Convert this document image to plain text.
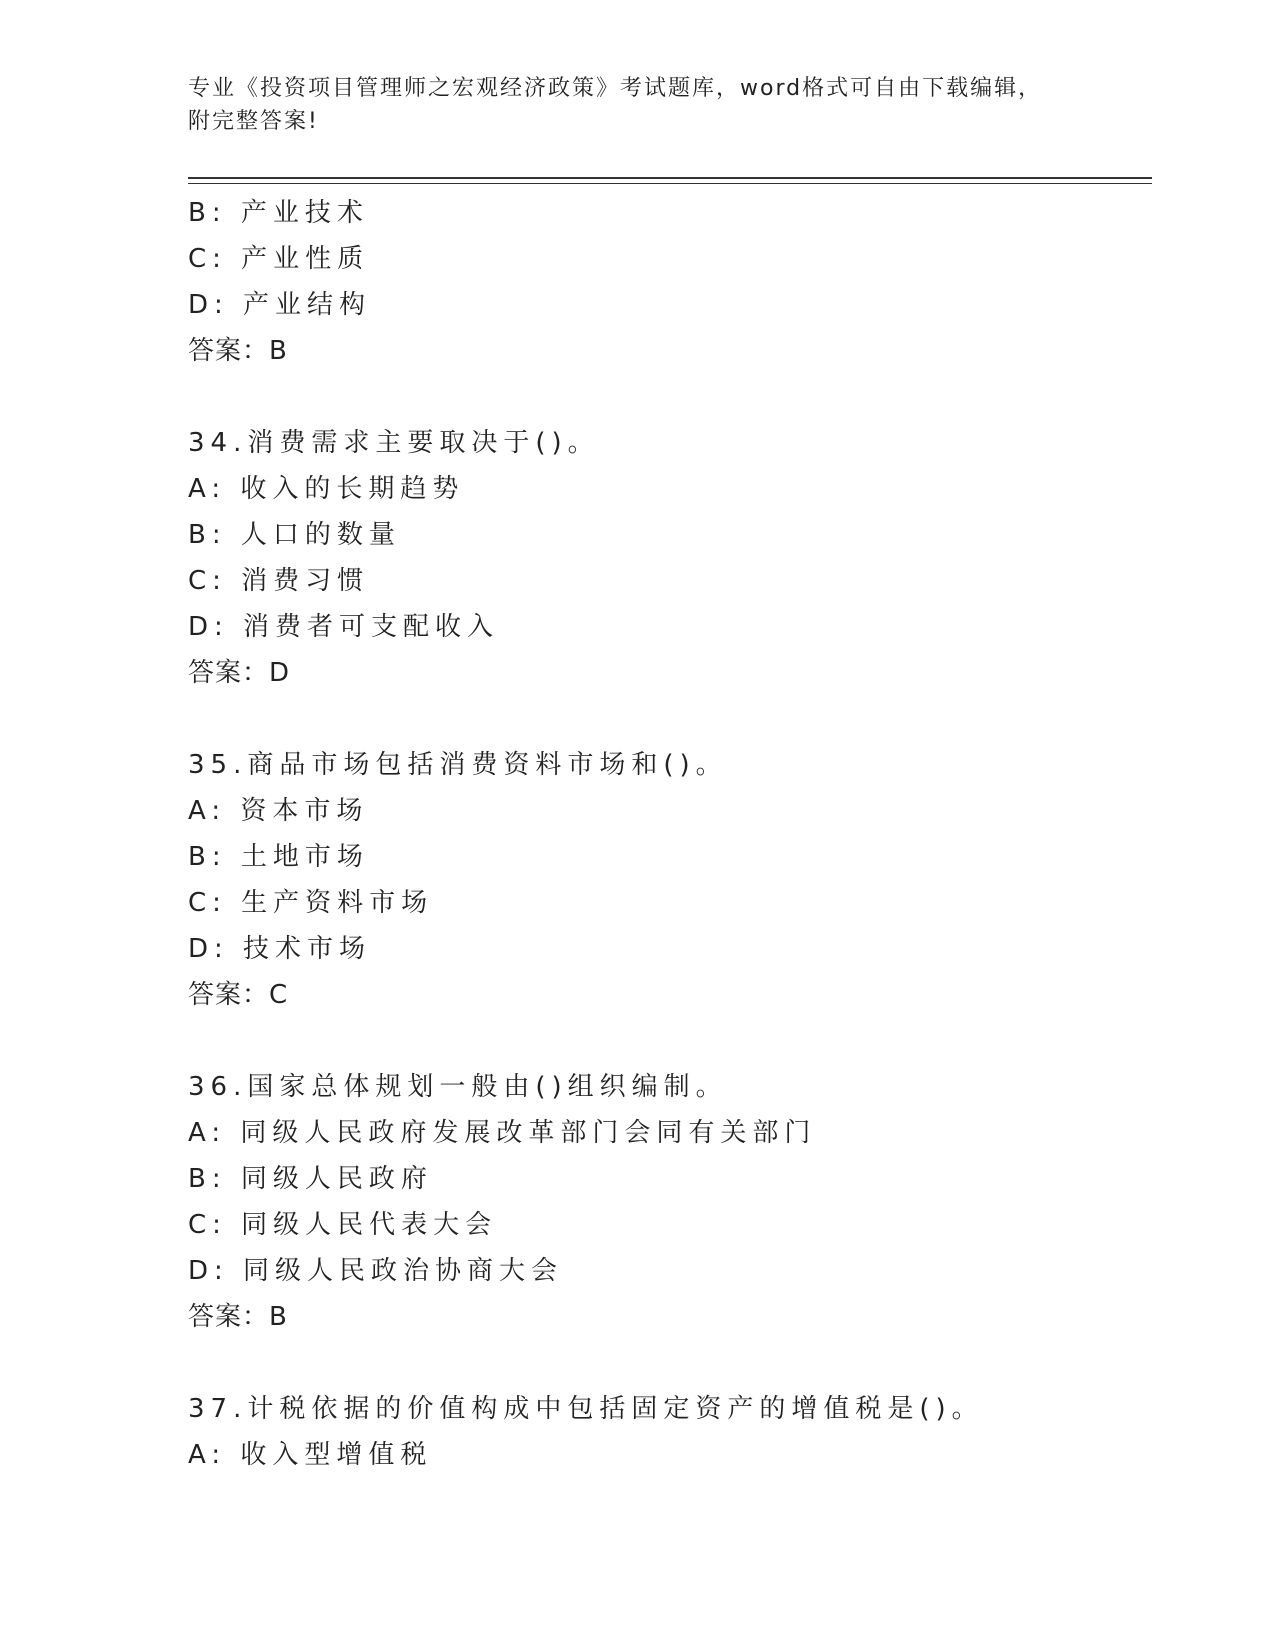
专业《投资项目管理师之宏观经济政策》考试题库，word格式可自由下载编辑，
附完整答案!
B: 产业技术
C: 产业性质
D: 产业结构
答案：B
34.消费需求主要取决于()。
A: 收入的长期趋势
B: 人口的数量
C: 消费习惯
D: 消费者可支配收入
答案：D
35.商品市场包括消费资料市场和()。
A: 资本市场
B: 土地市场
C: 生产资料市场
D: 技术市场
答案：C
36.国家总体规划一般由()组织编制。
A: 同级人民政府发展改革部门会同有关部门
B: 同级人民政府
C: 同级人民代表大会
D: 同级人民政治协商大会
答案：B
37.计税依据的价值构成中包括固定资产的增值税是()。
A: 收入型增值税
